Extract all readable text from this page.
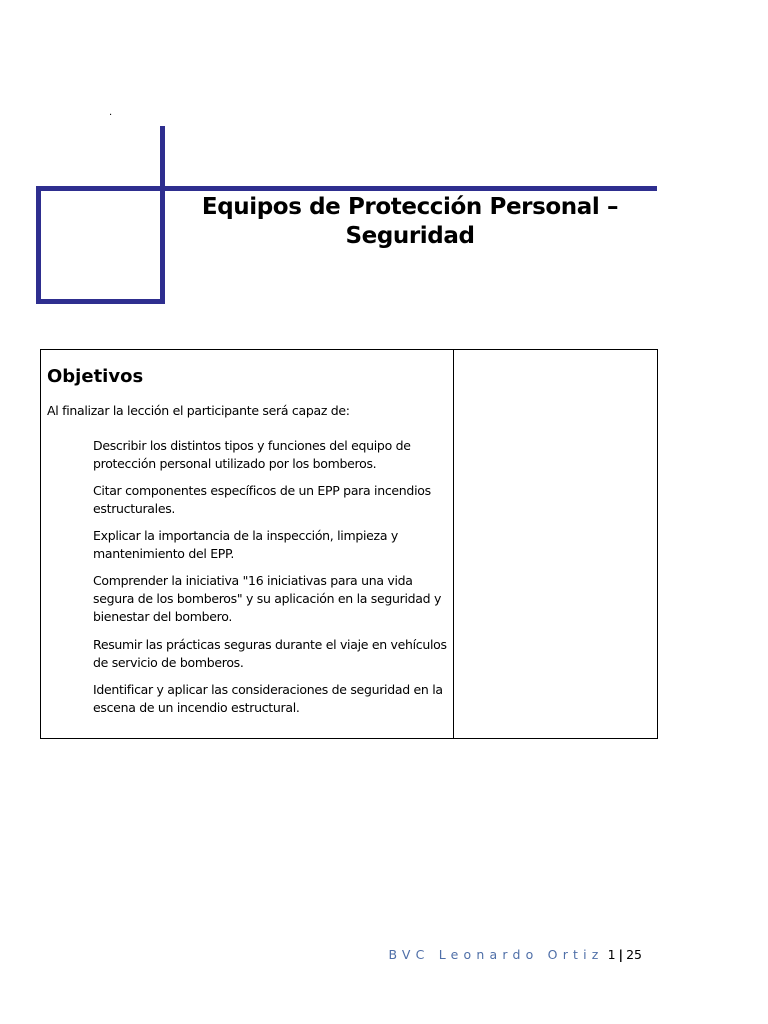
.
Equipos de Protección Personal –
Seguridad
Objetivos

Al finalizar la lección el participante será capaz de:

Describir los distintos tipos y funciones del equipo de protección personal utilizado por los bomberos.
Citar componentes específicos de un EPP para incendios estructurales.
Explicar la importancia de la inspección, limpieza y mantenimiento del EPP.
Comprender la iniciativa "16 iniciativas para una vida segura de los bomberos" y su aplicación en la seguridad y bienestar del bombero.
Resumir las prácticas seguras durante el viaje en vehículos de servicio de bomberos.
Identificar y aplicar las consideraciones de seguridad en la escena de un incendio estructural.
BVC Leonardo Ortiz 1 | 25
